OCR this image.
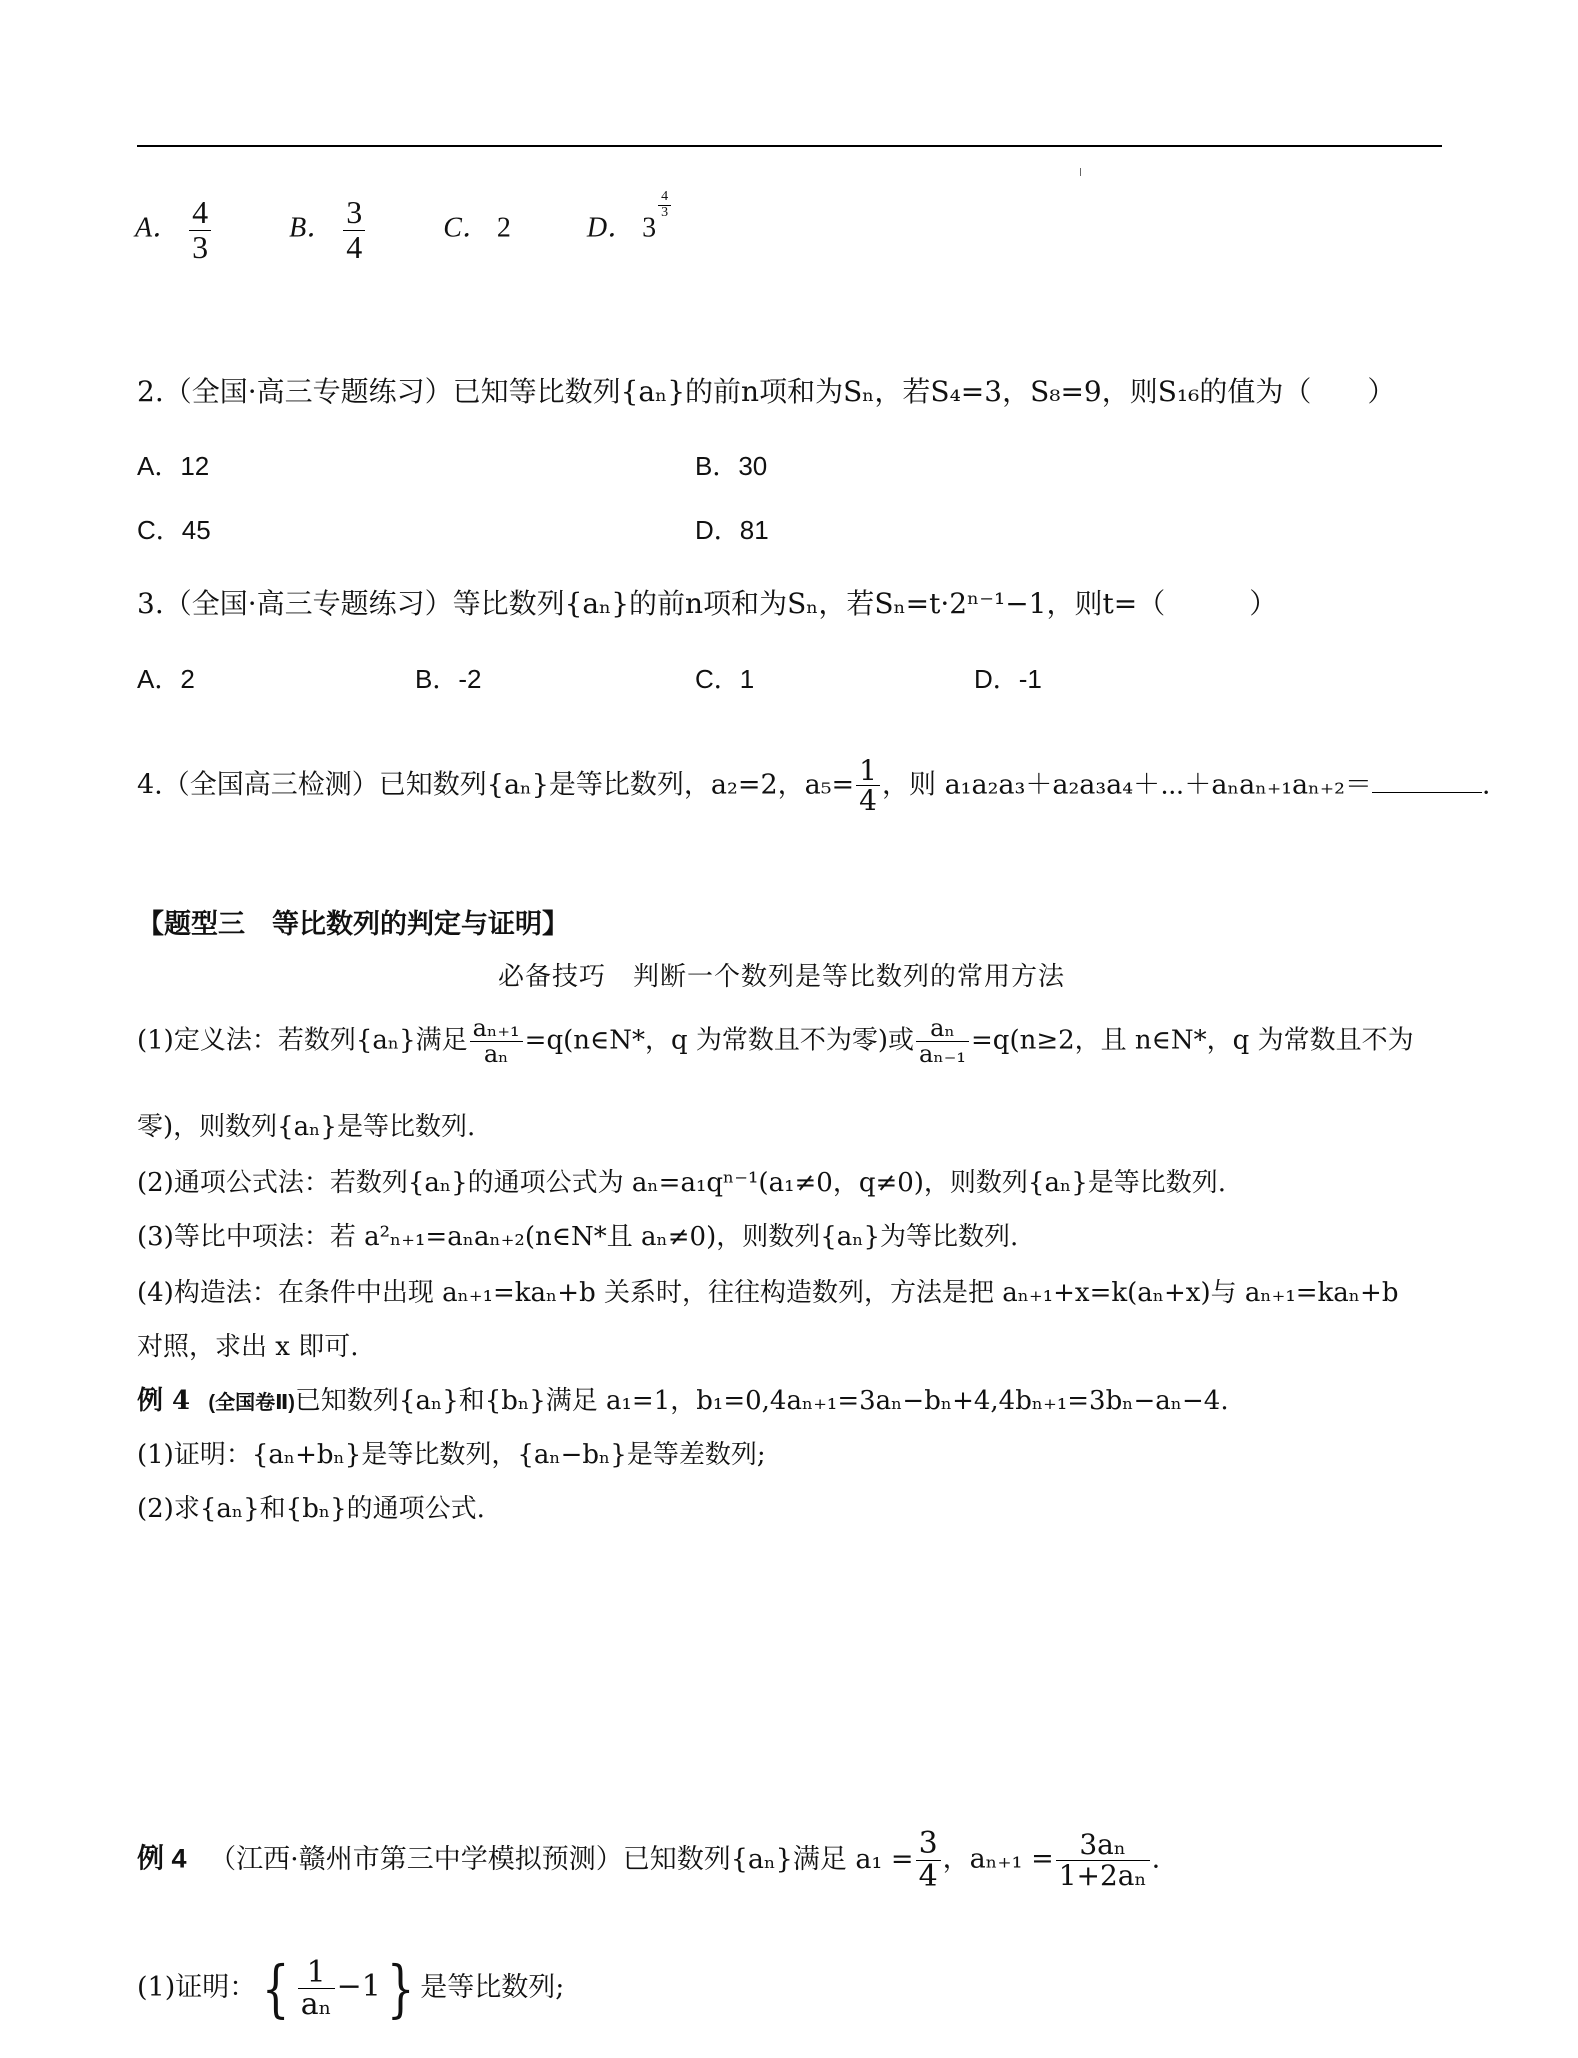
A． $\frac{4}{3}$	B． $\frac{3}{4}$	C． 2	D． 3
$\frac{4}{3}$
2.（全国·高三专题练习）已知等比数列{aₙ}的前n项和为Sₙ，若S₄=3，S₈=9，则S₁₆的值为（　　）
A．12	B．30
C．45	D．81
3.（全国·高三专题练习）等比数列{aₙ}的前n项和为Sₙ，若Sₙ=t·2ⁿ⁻¹−1，则t=（　　　）
A．2	B．-2	C．1	D．-1
4.（全国高三检测）已知数列{aₙ}是等比数列，a₂=2，$a_5= \frac{1}{4}$ ，则 a₁a₂a₃＋a₂a₃a₄＋⋯＋aₙaₙ₊₁aₙ₊₂＝	.
【题型三　等比数列的判定与证明】
必备技巧　判断一个数列是等比数列的常用方法
(1)定义法：若数列{aₙ}满足 $\frac{\text{aₙ₊₁}}{\text{aₙ}}$ =q(n∈N*，q 为常数且不为零)或 $\frac{\text{aₙ}}{\text{aₙ₋₁}} =q(n\ge 2$，且 n∈N*，q 为常数且不为
零)，则数列{aₙ}是等比数列.
(2)通项公式法：若数列{aₙ}的通项公式为 aₙ=a₁qⁿ⁻¹(a₁≠0，q≠0)，则数列{aₙ}是等比数列.
(3)等比中项法：若 a²ₙ₊₁=aₙaₙ₊₂(n∈N*且 aₙ≠0)，则数列{aₙ}为等比数列.
(4)构造法：在条件中出现 aₙ₊₁=kaₙ+b 关系时，往往构造数列，方法是把 aₙ₊₁+x=k(aₙ+x)与 aₙ₊₁=kaₙ+b
对照，求出 x 即可.
例 4 (全国卷Ⅱ)已知数列{aₙ}和{bₙ}满足 a₁=1，b₁=0,4aₙ₊₁=3aₙ−bₙ+4,4bₙ₊₁=3bₙ−aₙ−4.
(1)证明：{aₙ+bₙ}是等比数列，{aₙ−bₙ}是等差数列;
(2)求{aₙ}和{bₙ}的通项公式.
例 4 （江西·赣州市第三中学模拟预测）已知数列{aₙ}满足 $a_1 = \frac{3}{4}$ ，$a_{n+1} = \frac{\text{3aₙ}}{\text{1+2aₙ}}$ .
(1)证明：{ $\frac{1}{\text{aₙ}} -1$} 是等比数列;
